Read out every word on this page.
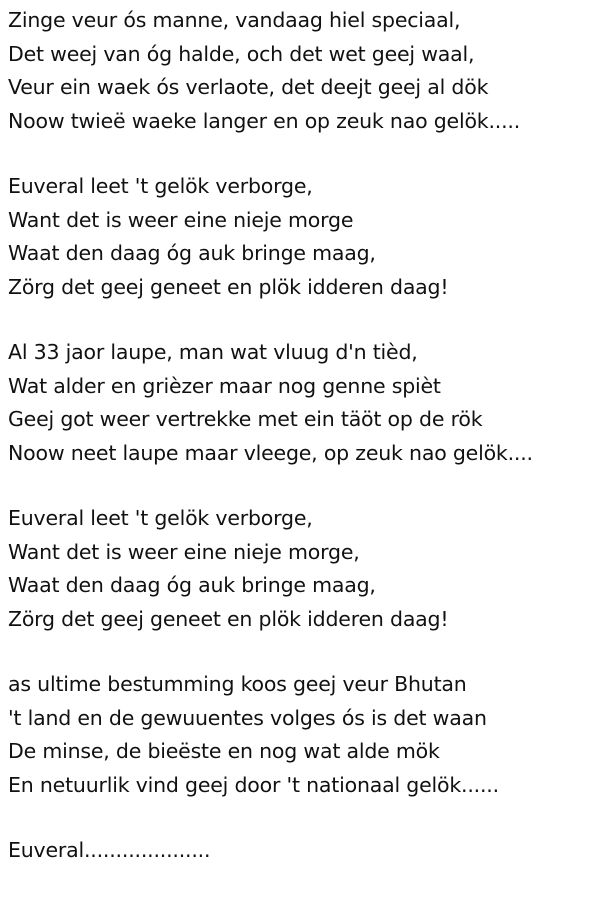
Zinge veur ós manne, vandaag hiel speciaal,
Det weej van óg halde, och det wet geej waal,
Veur ein waek ós verlaote, det deejt geej al dök
Noow twieë waeke langer en op zeuk nao gelök.....
Euveral leet 't gelök verborge,
Want det is weer eine nieje morge
Waat den daag óg auk bringe maag,
Zörg det geej geneet en plök idderen daag!
Al 33 jaor laupe, man wat vluug d'n tièd,
Wat alder en grièzer maar nog genne spièt
Geej got weer vertrekke met ein täöt op de rök
Noow neet laupe maar vleege, op zeuk nao gelök....
Euveral leet 't gelök verborge,
Want det is weer eine nieje morge,
Waat den daag óg auk bringe maag,
Zörg det geej geneet en plök idderen daag!
as ultime bestumming koos geej veur Bhutan
't land en de gewuuentes volges ós is det waan
De minse, de bieëste en nog wat alde mök
En netuurlik vind geej door 't nationaal gelök......
Euveral....................
